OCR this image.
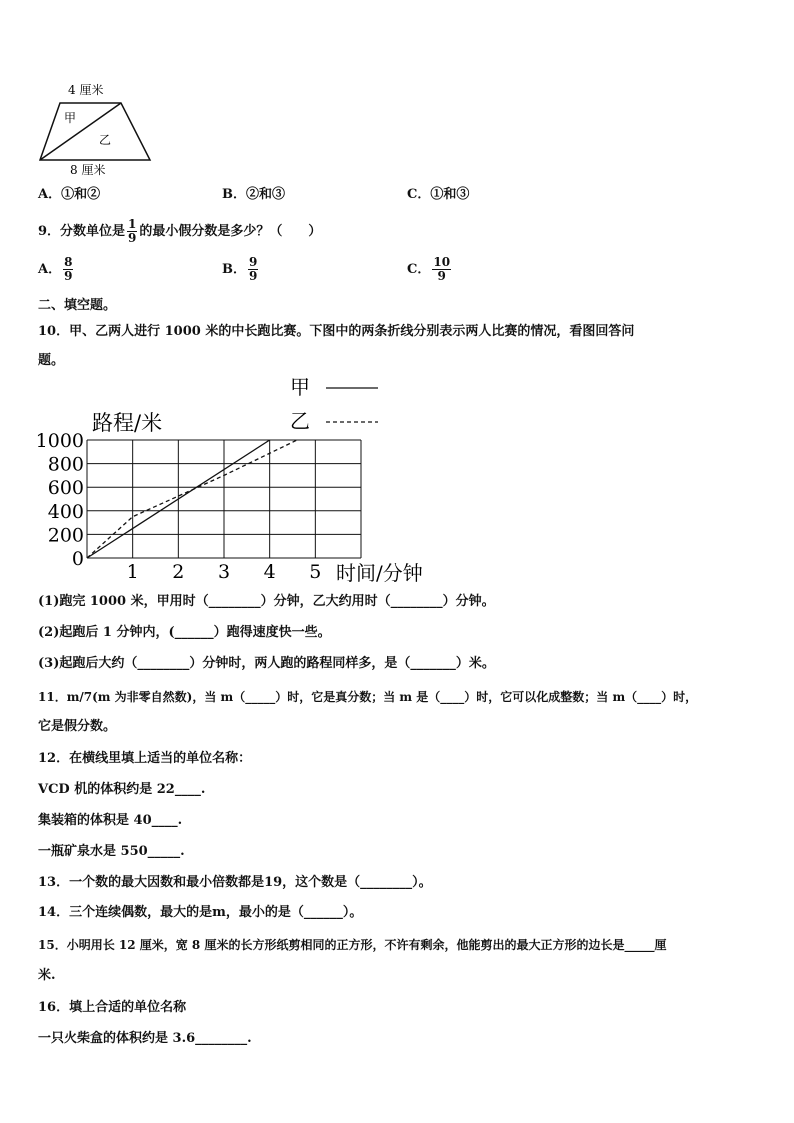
4 厘米
8 厘米
甲
乙
A．①和②	B．②和③	C．①和③
9．分数单位是 $\frac{1}{9}$ 的最小假分数是多少？（　　）
A． $\frac{8}{9}$	B． $\frac{9}{9}$	C． $\frac{10}{9}$
二、填空题。
10．甲、乙两人进行 1000 米的中长跑比赛。下图中的两条折线分别表示两人比赛的情况，看图回答问
题。
0
200
400
600
800
1000
1 2 3 4 5
路程/米
时间/分钟
甲
乙
(1)跑完 1000 米，甲用时（________）分钟，乙大约用时（________）分钟。
(2)起跑后 1 分钟内，(______）跑得速度快一些。
(3)起跑后大约（________）分钟时，两人跑的路程同样多，是（_______）米。
11．m/7(m 为非零自然数)，当 m（_____）时，它是真分数；当 m 是（____）时，它可以化成整数；当 m（____）时，
它是假分数。
12．在横线里填上适当的单位名称：
VCD 机的体积约是 22____.
集装箱的体积是 40____.
一瓶矿泉水是 550_____.
13．一个数的最大因数和最小倍数都是19，这个数是（________）。
14．三个连续偶数，最大的是m，最小的是（______）。
15．小明用长 12 厘米，宽 8 厘米的长方形纸剪相同的正方形，不许有剩余，他能剪出的最大正方形的边长是_____厘
米.
16．填上合适的单位名称
一只火柴盒的体积约是 3.6________.
